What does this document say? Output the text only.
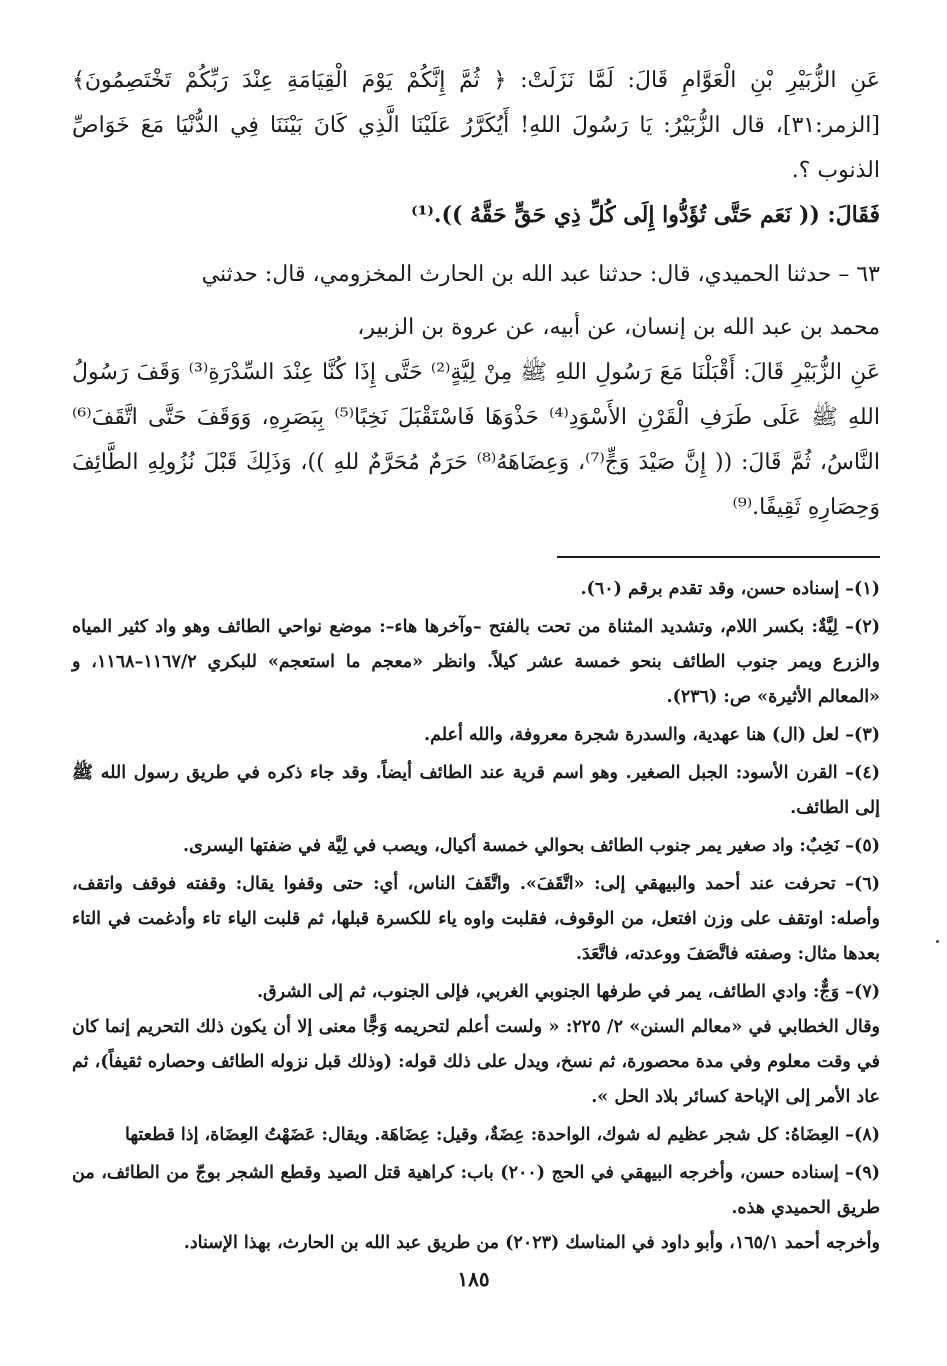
عَنِ الزُّبَيْرِ بْنِ الْعَوَّامِ قَالَ: لَمَّا نَزَلَتْ: ﴿ ثُمَّ إِنَّكُمْ يَوْمَ الْقِيَامَةِ عِنْدَ رَبِّكُمْ تَخْتَصِمُونَ﴾ [الزمر:٣١]، قال الزُّبَيْرُ: يَا رَسُولَ اللهِ! أَيُكَرَّرُ عَلَيْنَا الَّذِي كَانَ بَيْنَنَا فِي الدُّنْيَا مَعَ خَوَاصِّ الذنوب ؟.

فَقَالَ: (( نَعَم حَتَّى تُؤَدُّوا إِلَى كُلِّ ذِي حَقٍّ حَقَّهُ )).⁽¹⁾

٦٣ – حدثنا الحميدي، قال: حدثنا عبد الله بن الحارث المخزومي، قال: حدثني

محمد بن عبد الله بن إنسان، عن أبيه، عن عروة بن الزبير،

عَنِ الزُّبَيْرِ قَالَ: أَقْبَلْنَا مَعَ رَسُولِ اللهِ ﷺ مِنْ لِيَّةٍ⁽²⁾ حَتَّى إِذَا كُنَّا عِنْدَ السِّدْرَةِ⁽³⁾ وَقَفَ رَسُولُ اللهِ ﷺ عَلَى طَرَفِ الْقَرْنِ الأَسْوَدِ⁽⁴⁾ حَذْوَهَا فَاسْتَقْبَلَ نَخِبًا⁽⁵⁾ بِبَصَرِهِ، وَوَقَفَ حَتَّى اتَّقَفَ⁽⁶⁾ النَّاسُ، ثُمَّ قَالَ: (( إِنَّ صَيْدَ وَجٍّ⁽⁷⁾، وَعِضَاهَهُ⁽⁸⁾ حَرَمٌ مُحَرَّمٌ للهِ ))، وَذَلِكَ قَبْلَ نُزُولِهِ الطَّائِفَ وَحِصَارِهِ ثَقِيفًا.⁽⁹⁾

(١)– إسناده حسن، وقد تقدم برقم (٦٠).

(٢)– لِيَّةٌ: بكسر اللام، وتشديد المثناة من تحت بالفتح –وآخرها هاء–: موضع نواحي الطائف وهو واد كثير المياه والزرع ويمر جنوب الطائف بنحو خمسة عشر كيلاً. وانظر «معجم ما استعجم» للبكري ١١٦٧/٢–١١٦٨، و «المعالم الأثيرة» ص: (٢٣٦).

(٣)– لعل (ال) هنا عهدية، والسدرة شجرة معروفة، والله أعلم.

(٤)– القرن الأسود: الجبل الصغير. وهو اسم قرية عند الطائف أيضاً. وقد جاء ذكره في طريق رسول الله ﷺ إلى الطائف.

(٥)– نَخِبٌ: واد صغير يمر جنوب الطائف بحوالي خمسة أكيال، ويصب في لِيَّة في ضفتها اليسرى.

(٦)– تحرفت عند أحمد والبيهقي إلى: «اتَّقَفَ». واتَّقَفَ الناس، أي: حتى وقفوا يقال: وقفته فوقف واتقف، وأصله: اوتقف على وزن افتعل، من الوقوف، فقلبت واوه ياء للكسرة قبلها، ثم قلبت الياء تاء وأدغمت في التاء بعدها مثال: وصفته فاتَّصَفَ ووعدته، فاتَّعَدَ.

(٧)– وَجٌّ: وادي الطائف، يمر في طرفها الجنوبي الغربي، فإلى الجنوب، ثم إلى الشرق.

وقال الخطابي في «معالم السنن» ٢/ ٢٢٥: « ولست أعلم لتحريمه وَجًّا معنى إلا أن يكون ذلك التحريم إنما كان في وقت معلوم وفي مدة محصورة، ثم نسخ، ويدل على ذلك قوله: (وذلك قبل نزوله الطائف وحصاره ثقيفاً)، ثم عاد الأمر إلى الإباحة كسائر بلاد الحل ».

(٨)– العِضَاهُ: كل شجر عظيم له شوك، الواحدة: عِضَةٌ، وقيل: عِضَاهَة. ويقال: عَضَهْتُ العِضَاة، إذا قطعتها

(٩)– إسناده حسن، وأخرجه البيهقي في الحج (٢٠٠) باب: كراهية قتل الصيد وقطع الشجر بوجّ من الطائف، من طريق الحميدي هذه.

وأخرجه أحمد ١٦٥/١، وأبو داود في المناسك (٢٠٢٣) من طريق عبد الله بن الحارث، بهذا الإسناد.

١٨٥
